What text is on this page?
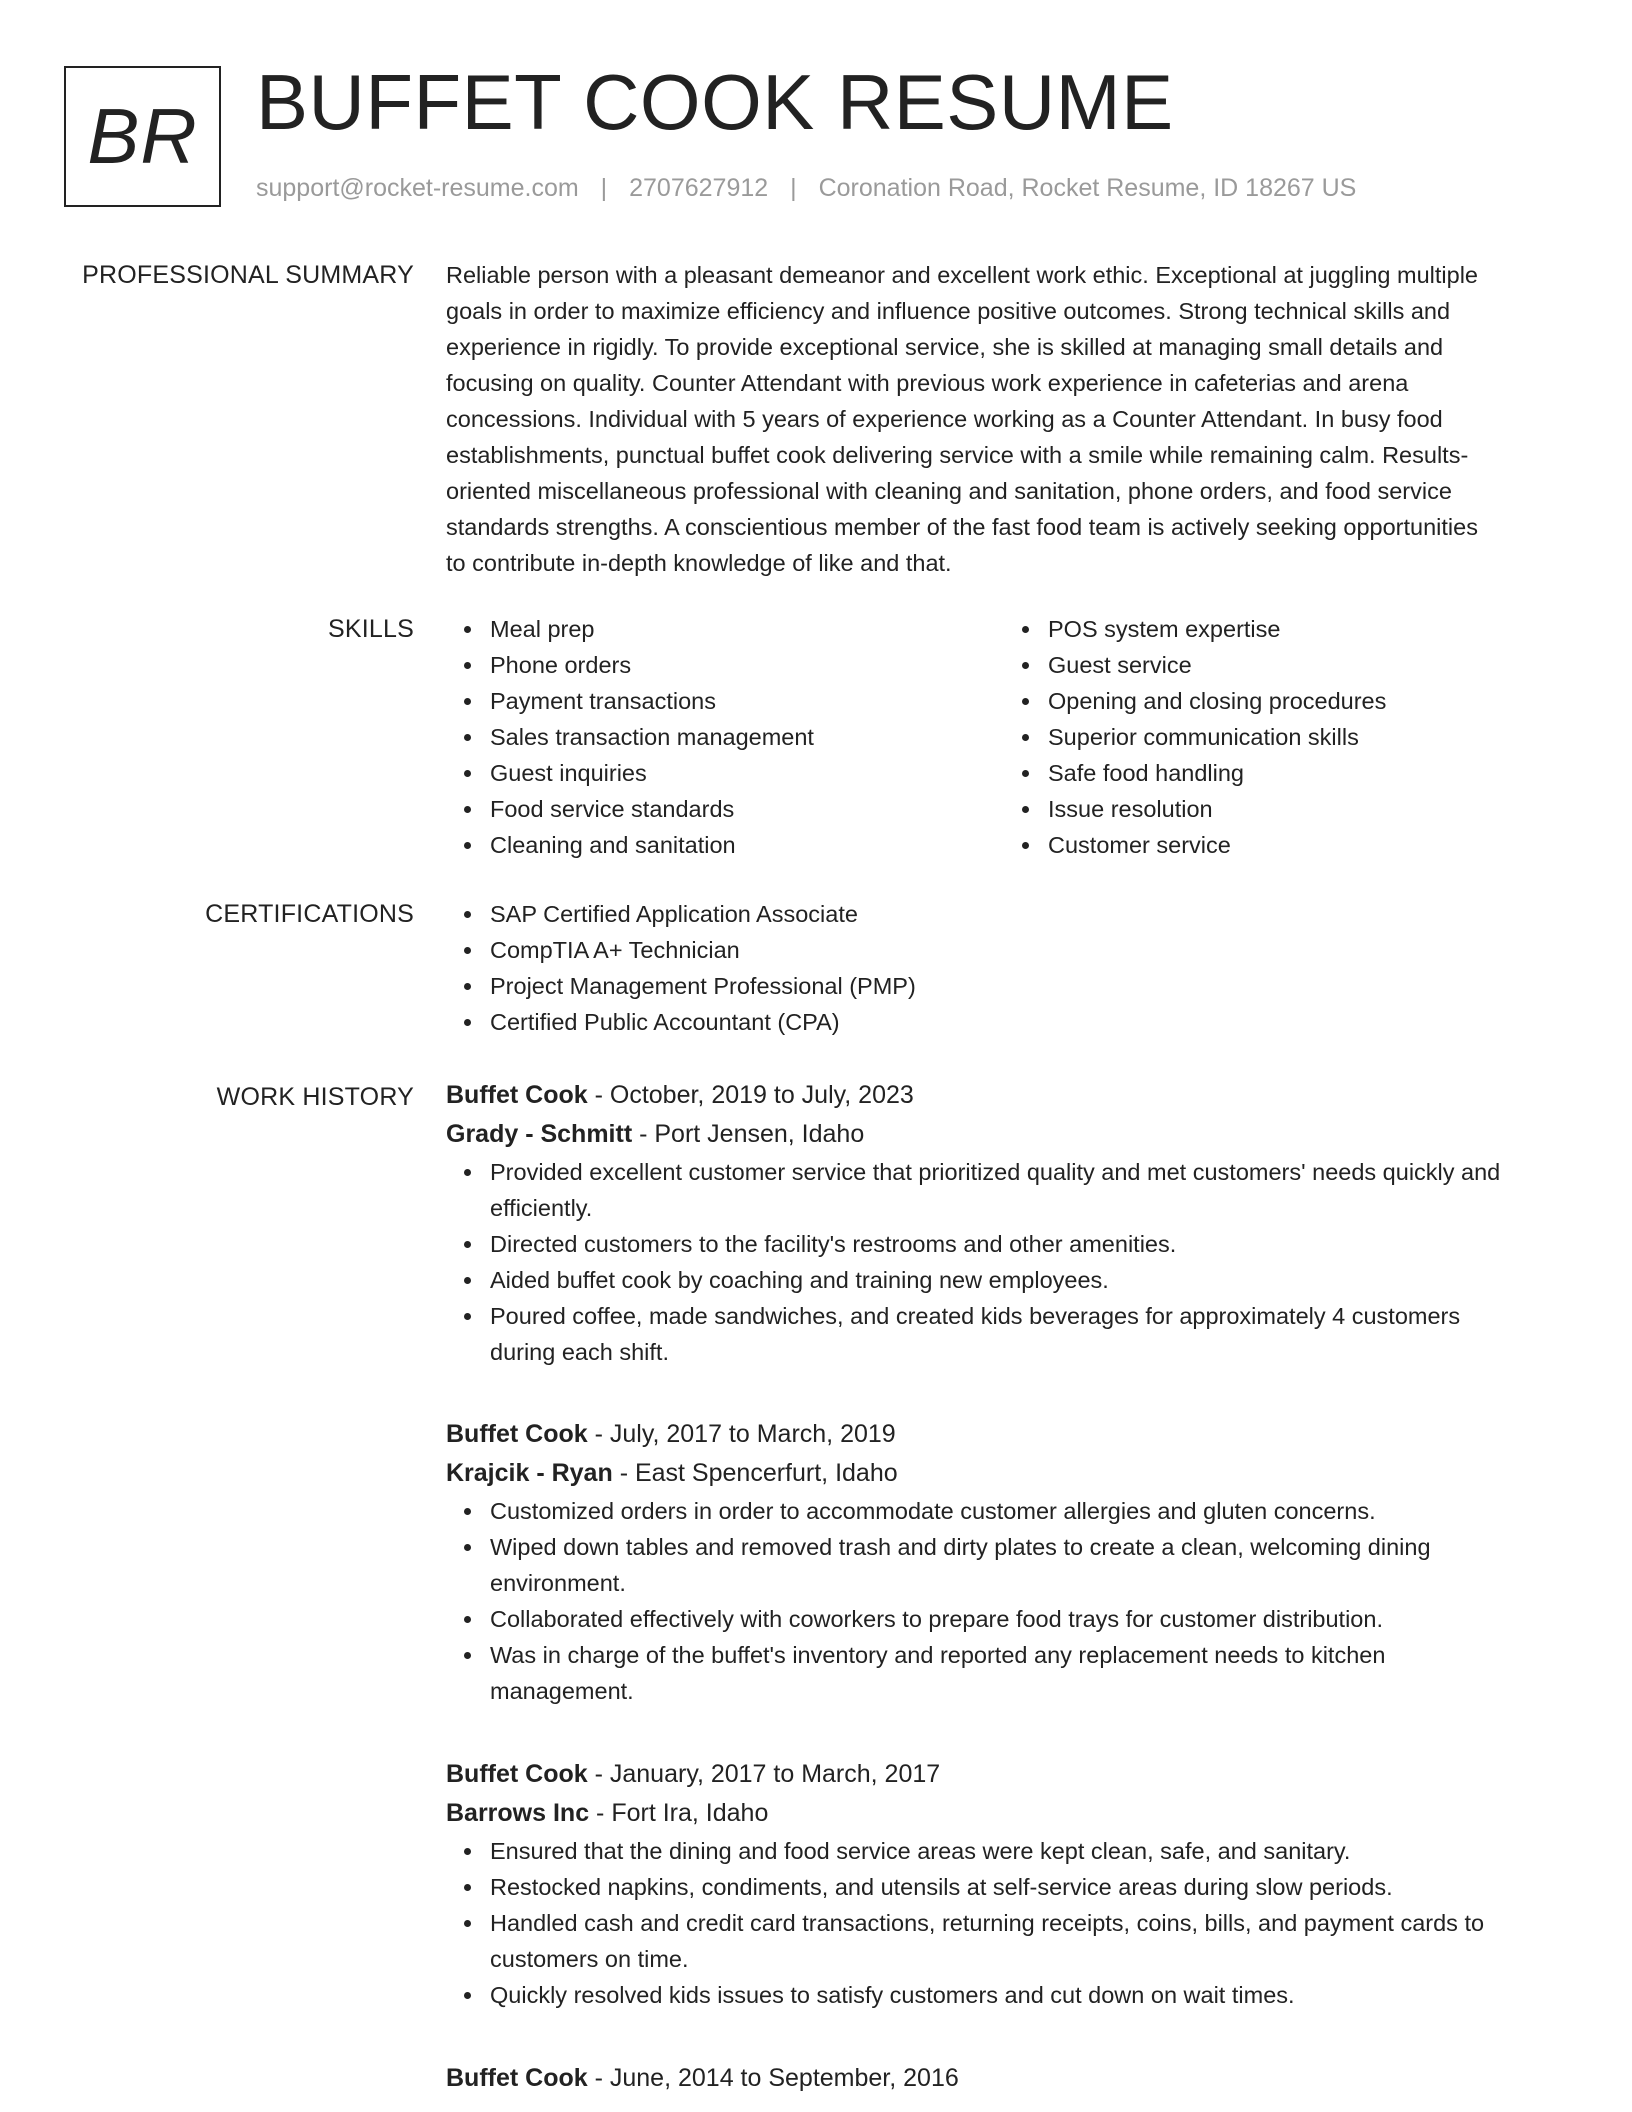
BR BUFFET COOK RESUME
support@rocket-resume.com | 2707627912 | Coronation Road, Rocket Resume, ID 18267 US
PROFESSIONAL SUMMARY Reliable person with a pleasant demeanor and excellent work ethic. Exceptional at juggling multiple

goals in order to maximize efficiency and influence positive outcomes. Strong technical skills and

experience in rigidly. To provide exceptional service, she is skilled at managing small details and

focusing on quality. Counter Attendant with previous work experience in cafeterias and arena

concessions. Individual with 5 years of experience working as a Counter Attendant. In busy food

establishments, punctual buffet cook delivering service with a smile while remaining calm. Results-

oriented miscellaneous professional with cleaning and sanitation, phone orders, and food service

standards strengths. A conscientious member of the fast food team is actively seeking opportunities

to contribute in-depth knowledge of like and that.

SKILLS	Meal prep
Phone orders
Payment transactions
Sales transaction management
Guest inquiries
Food service standards
Cleaning and sanitation
POS system expertise
Guest service
Opening and closing procedures
Superior communication skills
Safe food handling
Issue resolution
Customer service
CERTIFICATIONS	SAP Certified Application Associate
CompTIA A+ Technician
Project Management Professional (PMP)
Certified Public Accountant (CPA)
WORK HISTORY Buffet Cook - October, 2019 to July, 2023
Grady - Schmitt - Port Jensen, Idaho
Provided excellent customer service that prioritized quality and met customers' needs quickly and
efficiently.
Directed customers to the facility's restrooms and other amenities.
Aided buffet cook by coaching and training new employees.
Poured coffee, made sandwiches, and created kids beverages for approximately 4 customers
during each shift.
Buffet Cook - July, 2017 to March, 2019
Krajcik - Ryan - East Spencerfurt, Idaho
Customized orders in order to accommodate customer allergies and gluten concerns.
Wiped down tables and removed trash and dirty plates to create a clean, welcoming dining
environment.
Collaborated effectively with coworkers to prepare food trays for customer distribution.
Was in charge of the buffet's inventory and reported any replacement needs to kitchen
management.
Buffet Cook - January, 2017 to March, 2017
Barrows Inc - Fort Ira, Idaho
Ensured that the dining and food service areas were kept clean, safe, and sanitary.
Restocked napkins, condiments, and utensils at self-service areas during slow periods.
Handled cash and credit card transactions, returning receipts, coins, bills, and payment cards to
customers on time.
Quickly resolved kids issues to satisfy customers and cut down on wait times.
Buffet Cook - June, 2014 to September, 2016
